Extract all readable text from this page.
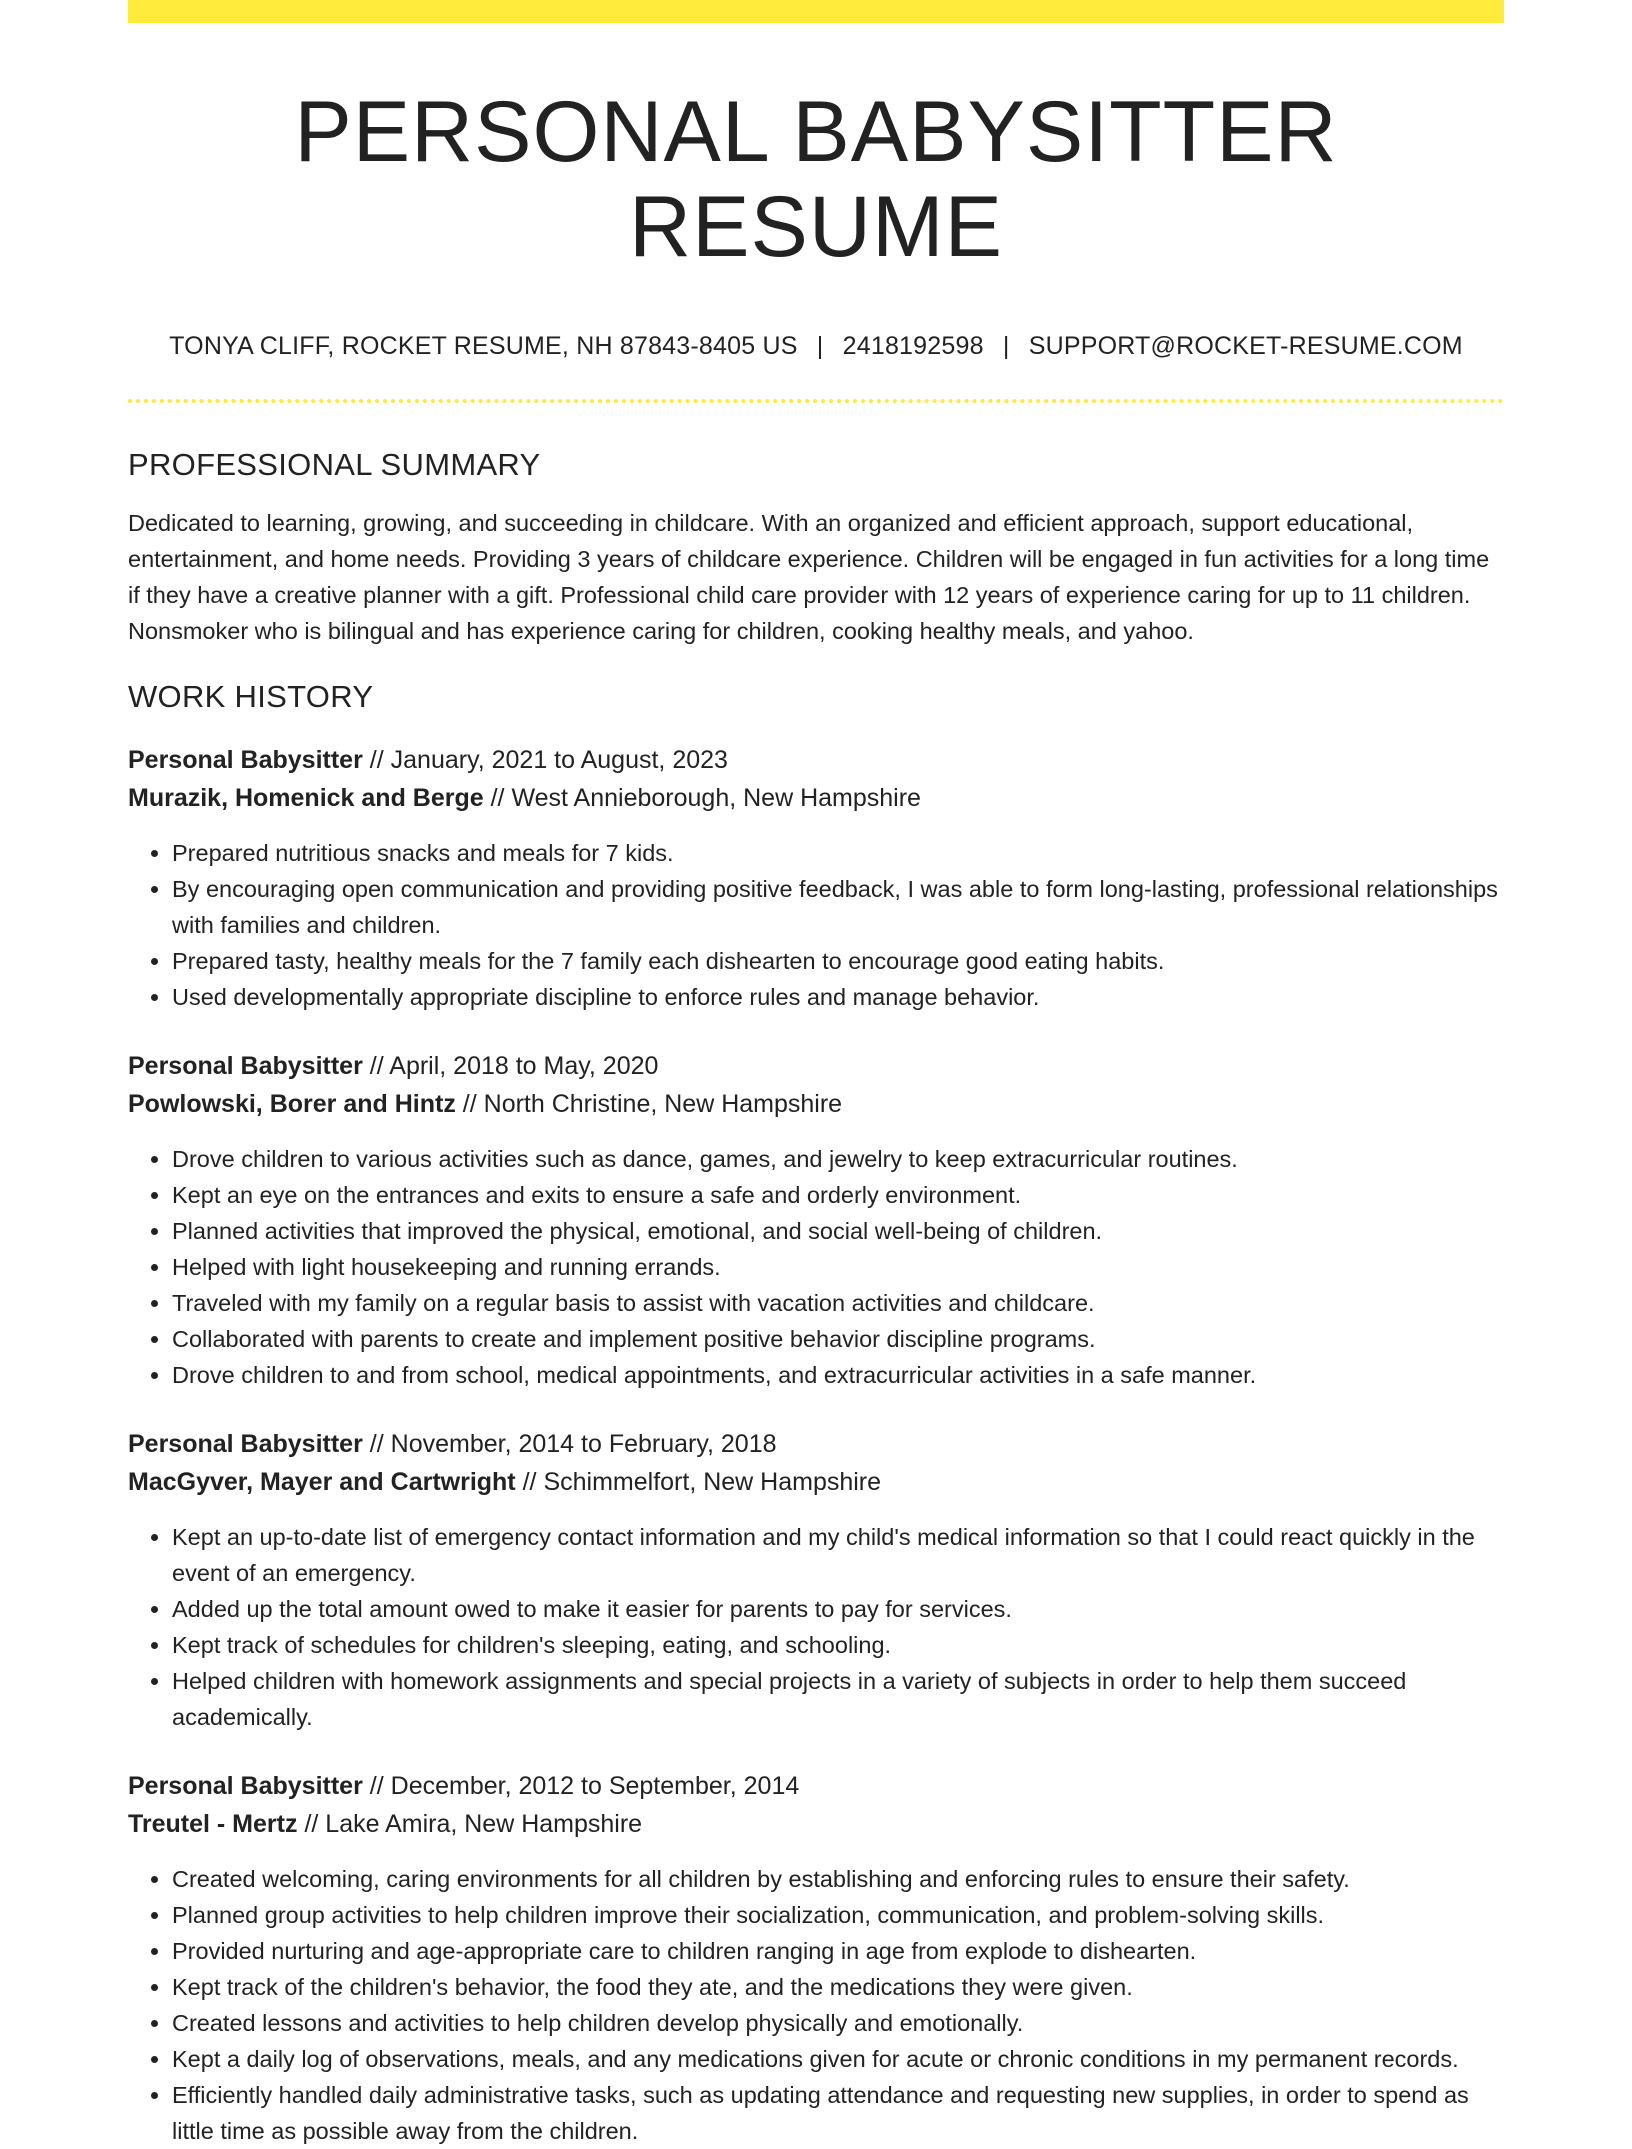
PERSONAL BABYSITTER RESUME
TONYA CLIFF, ROCKET RESUME, NH 87843-8405 US | 2418192598 | SUPPORT@ROCKET-RESUME.COM
PROFESSIONAL SUMMARY
Dedicated to learning, growing, and succeeding in childcare. With an organized and efficient approach, support educational, entertainment, and home needs. Providing 3 years of childcare experience. Children will be engaged in fun activities for a long time if they have a creative planner with a gift. Professional child care provider with 12 years of experience caring for up to 11 children. Nonsmoker who is bilingual and has experience caring for children, cooking healthy meals, and yahoo.
WORK HISTORY
Personal Babysitter // January, 2021 to August, 2023
Murazik, Homenick and Berge // West Annieborough, New Hampshire
• Prepared nutritious snacks and meals for 7 kids.
• By encouraging open communication and providing positive feedback, I was able to form long-lasting, professional relationships with families and children.
• Prepared tasty, healthy meals for the 7 family each dishearten to encourage good eating habits.
• Used developmentally appropriate discipline to enforce rules and manage behavior.
Personal Babysitter // April, 2018 to May, 2020
Powlowski, Borer and Hintz // North Christine, New Hampshire
• Drove children to various activities such as dance, games, and jewelry to keep extracurricular routines.
• Kept an eye on the entrances and exits to ensure a safe and orderly environment.
• Planned activities that improved the physical, emotional, and social well-being of children.
• Helped with light housekeeping and running errands.
• Traveled with my family on a regular basis to assist with vacation activities and childcare.
• Collaborated with parents to create and implement positive behavior discipline programs.
• Drove children to and from school, medical appointments, and extracurricular activities in a safe manner.
Personal Babysitter // November, 2014 to February, 2018
MacGyver, Mayer and Cartwright // Schimmelfort, New Hampshire
• Kept an up-to-date list of emergency contact information and my child's medical information so that I could react quickly in the event of an emergency.
• Added up the total amount owed to make it easier for parents to pay for services.
• Kept track of schedules for children's sleeping, eating, and schooling.
• Helped children with homework assignments and special projects in a variety of subjects in order to help them succeed academically.
Personal Babysitter // December, 2012 to September, 2014
Treutel - Mertz // Lake Amira, New Hampshire
• Created welcoming, caring environments for all children by establishing and enforcing rules to ensure their safety.
• Planned group activities to help children improve their socialization, communication, and problem-solving skills.
• Provided nurturing and age-appropriate care to children ranging in age from explode to dishearten.
• Kept track of the children's behavior, the food they ate, and the medications they were given.
• Created lessons and activities to help children develop physically and emotionally.
• Kept a daily log of observations, meals, and any medications given for acute or chronic conditions in my permanent records.
• Efficiently handled daily administrative tasks, such as updating attendance and requesting new supplies, in order to spend as little time as possible away from the children.
